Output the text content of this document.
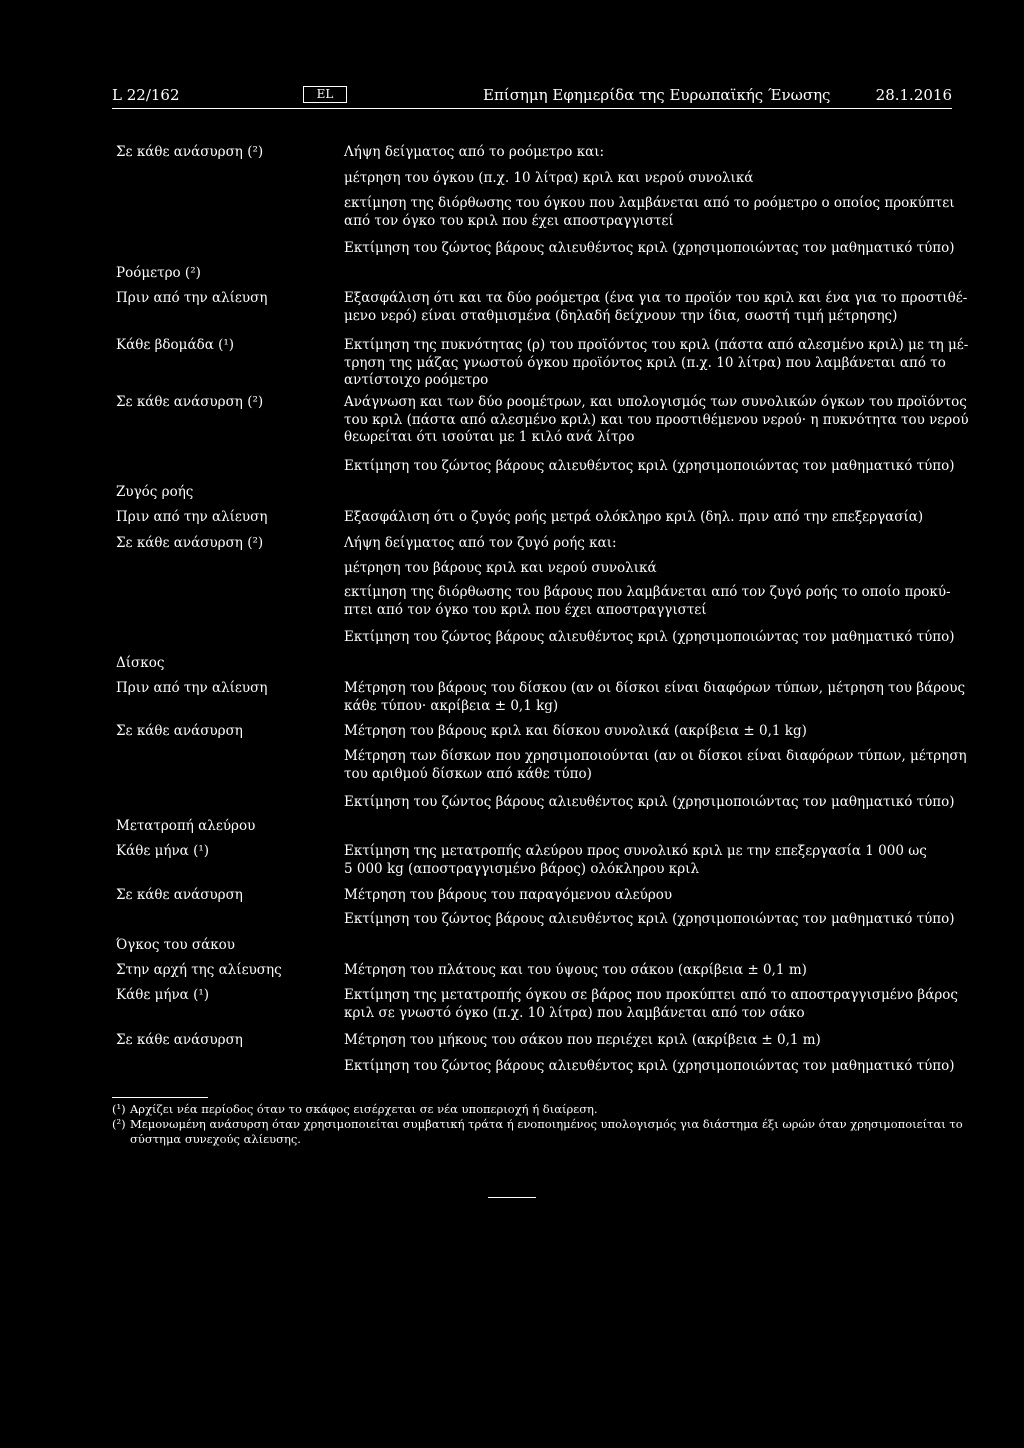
L 22/162	EL	Επίσημη Εφημερίδα της Ευρωπαϊκής Ένωσης	28.1.2016
Σε κάθε ανάσυρση (²)	Λήψη δείγματος από το ροόμετρο και:
μέτρηση του όγκου (π.χ. 10 λίτρα) κριλ και νερού συνολικά
εκτίμηση της διόρθωσης του όγκου που λαμβάνεται από το ροόμετρο ο οποίος προκύπτει
από τον όγκο του κριλ που έχει αποστραγγιστεί
Εκτίμηση του ζώντος βάρους αλιευθέντος κριλ (χρησιμοποιώντας τον μαθηματικό τύπο)
Ροόμετρο (²)
Πριν από την αλίευση	Εξασφάλιση ότι και τα δύο ροόμετρα (ένα για το προϊόν του κριλ και ένα για το προστιθέ-
μενο νερό) είναι σταθμισμένα (δηλαδή δείχνουν την ίδια, σωστή τιμή μέτρησης)
Κάθε βδομάδα (¹)	Εκτίμηση της πυκνότητας (ρ) του προϊόντος του κριλ (πάστα από αλεσμένο κριλ) με τη μέ-
τρηση της μάζας γνωστού όγκου προϊόντος κριλ (π.χ. 10 λίτρα) που λαμβάνεται από το
αντίστοιχο ροόμετρο
Σε κάθε ανάσυρση (²)	Ανάγνωση και των δύο ροομέτρων, και υπολογισμός των συνολικών όγκων του προϊόντος
του κριλ (πάστα από αλεσμένο κριλ) και του προστιθέμενου νερού· η πυκνότητα του νερού
θεωρείται ότι ισούται με 1 κιλό ανά λίτρο
Εκτίμηση του ζώντος βάρους αλιευθέντος κριλ (χρησιμοποιώντας τον μαθηματικό τύπο)
Ζυγός ροής
Πριν από την αλίευση	Εξασφάλιση ότι ο ζυγός ροής μετρά ολόκληρο κριλ (δηλ. πριν από την επεξεργασία)
Σε κάθε ανάσυρση (²)	Λήψη δείγματος από τον ζυγό ροής και:
μέτρηση του βάρους κριλ και νερού συνολικά
εκτίμηση της διόρθωσης του βάρους που λαμβάνεται από τον ζυγό ροής το οποίο προκύ-
πτει από τον όγκο του κριλ που έχει αποστραγγιστεί
Εκτίμηση του ζώντος βάρους αλιευθέντος κριλ (χρησιμοποιώντας τον μαθηματικό τύπο)
Δίσκος
Πριν από την αλίευση	Μέτρηση του βάρους του δίσκου (αν οι δίσκοι είναι διαφόρων τύπων, μέτρηση του βάρους
κάθε τύπου· ακρίβεια ± 0,1 kg)
Σε κάθε ανάσυρση	Μέτρηση του βάρους κριλ και δίσκου συνολικά (ακρίβεια ± 0,1 kg)
Μέτρηση των δίσκων που χρησιμοποιούνται (αν οι δίσκοι είναι διαφόρων τύπων, μέτρηση
του αριθμού δίσκων από κάθε τύπο)
Εκτίμηση του ζώντος βάρους αλιευθέντος κριλ (χρησιμοποιώντας τον μαθηματικό τύπο)
Μετατροπή αλεύρου
Κάθε μήνα (¹)	Εκτίμηση της μετατροπής αλεύρου προς συνολικό κριλ με την επεξεργασία 1 000 ως
5 000 kg (αποστραγγισμένο βάρος) ολόκληρου κριλ
Σε κάθε ανάσυρση	Μέτρηση του βάρους του παραγόμενου αλεύρου
Εκτίμηση του ζώντος βάρους αλιευθέντος κριλ (χρησιμοποιώντας τον μαθηματικό τύπο)
Όγκος του σάκου
Στην αρχή της αλίευσης	Μέτρηση του πλάτους και του ύψους του σάκου (ακρίβεια ± 0,1 m)
Κάθε μήνα (¹)	Εκτίμηση της μετατροπής όγκου σε βάρος που προκύπτει από το αποστραγγισμένο βάρος
κριλ σε γνωστό όγκο (π.χ. 10 λίτρα) που λαμβάνεται από τον σάκο
Σε κάθε ανάσυρση	Μέτρηση του μήκους του σάκου που περιέχει κριλ (ακρίβεια ± 0,1 m)
Εκτίμηση του ζώντος βάρους αλιευθέντος κριλ (χρησιμοποιώντας τον μαθηματικό τύπο)
(¹) Αρχίζει νέα περίοδος όταν το σκάφος εισέρχεται σε νέα υποπεριοχή ή διαίρεση.
(²) Μεμονωμένη ανάσυρση όταν χρησιμοποιείται συμβατική τράτα ή ενοποιημένος υπολογισμός για διάστημα έξι ωρών όταν χρησιμοποιείται το
σύστημα συνεχούς αλίευσης.
